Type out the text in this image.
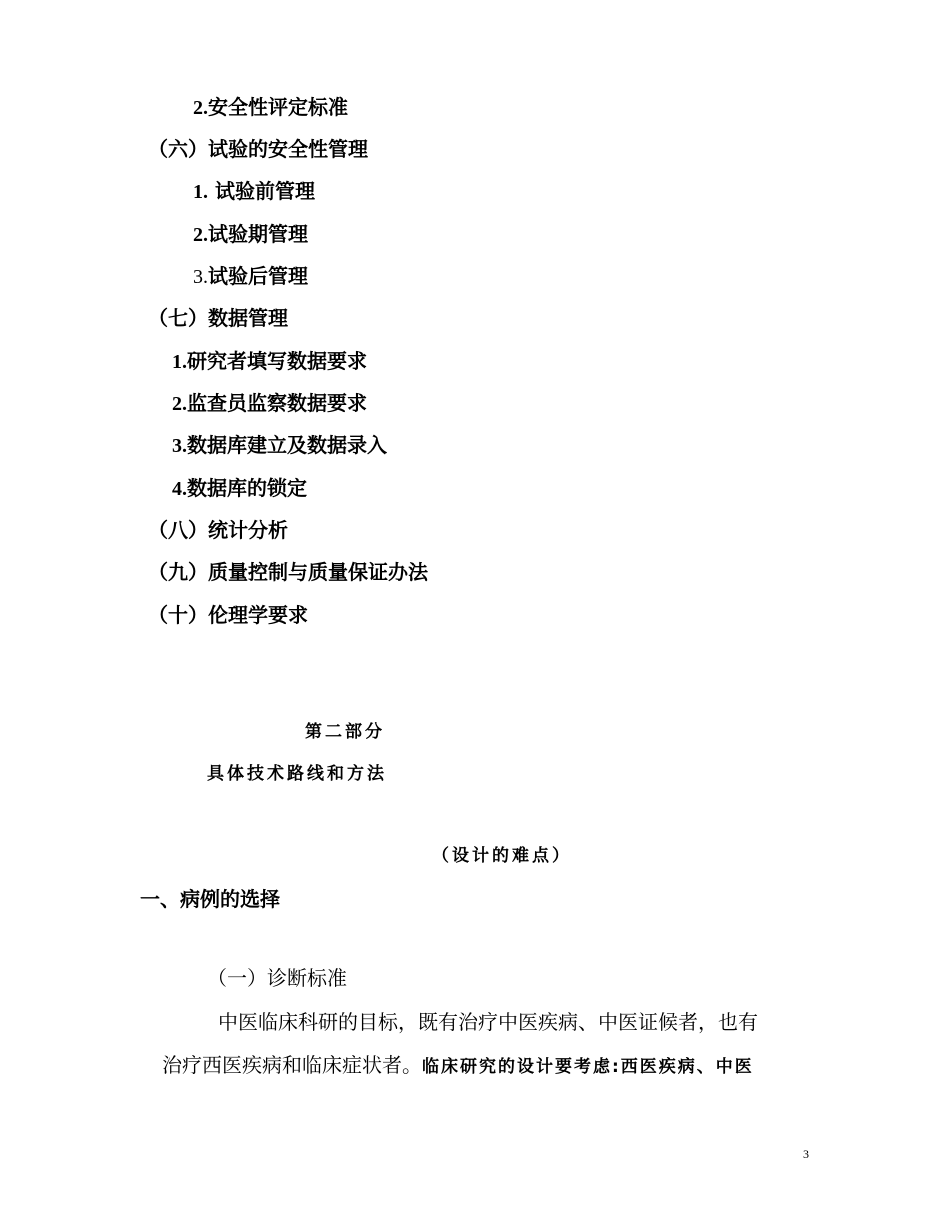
2.安全性评定标准
（六）试验的安全性管理
1. 试验前管理
2.试验期管理
3.试验后管理
（七）数据管理
1.研究者填写数据要求
2.监查员监察数据要求
3.数据库建立及数据录入
4.数据库的锁定
（八）统计分析
（九）质量控制与质量保证办法
（十）伦理学要求
第二部分
具体技术路线和方法
（设计的难点）
一、病例的选择
（一）诊断标准
中医临床科研的目标，既有治疗中医疾病、中医证候者，也有
治疗西医疾病和临床症状者。临床研究的设计要考虑:西医疾病、中医
3
